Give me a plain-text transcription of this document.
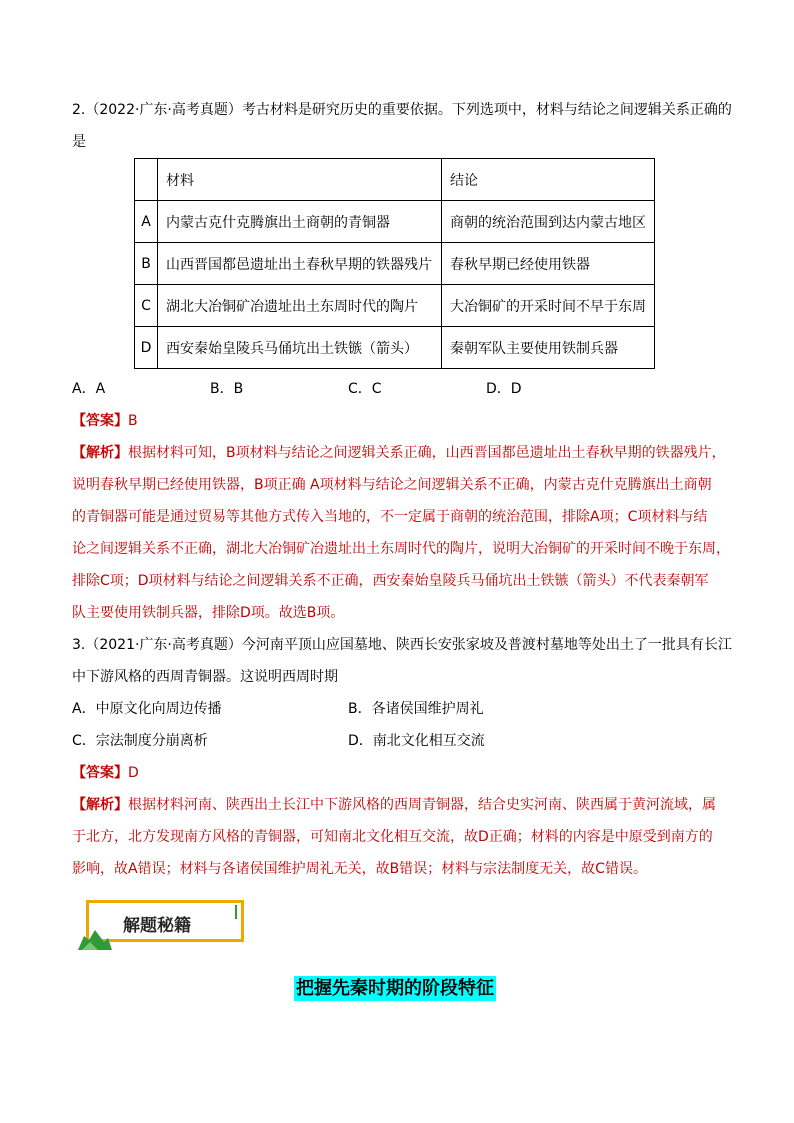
2.（2022·广东·高考真题）考古材料是研究历史的重要依据。下列选项中，材料与结论之间逻辑关系正确的
是
	材料	结论
A	内蒙古克什克腾旗出土商朝的青铜器	商朝的统治范围到达内蒙古地区
B	山西晋国都邑遗址出土春秋早期的铁器残片	春秋早期已经使用铁器
C	湖北大冶铜矿冶遗址出土东周时代的陶片	大冶铜矿的开采时间不早于东周
D	西安秦始皇陵兵马俑坑出土铁镞（箭头）	秦朝军队主要使用铁制兵器
A．A	B．B	C．C	D．D
【答案】B
【解析】根据材料可知，B项材料与结论之间逻辑关系正确，山西晋国都邑遗址出土春秋早期的铁器残片，
说明春秋早期已经使用铁器，B项正确 A项材料与结论之间逻辑关系不正确，内蒙古克什克腾旗出土商朝
的青铜器可能是通过贸易等其他方式传入当地的，不一定属于商朝的统治范围，排除A项；C项材料与结
论之间逻辑关系不正确，湖北大冶铜矿冶遗址出土东周时代的陶片，说明大冶铜矿的开采时间不晚于东周，
排除C项；D项材料与结论之间逻辑关系不正确，西安秦始皇陵兵马俑坑出土铁镞（箭头）不代表秦朝军
队主要使用铁制兵器，排除D项。故选B项。
3.（2021·广东·高考真题）今河南平顶山应国墓地、陕西长安张家坡及普渡村墓地等处出土了一批具有长江
中下游风格的西周青铜器。这说明西周时期
A．中原文化向周边传播	B．各诸侯国维护周礼
C．宗法制度分崩离析	D．南北文化相互交流
【答案】D
【解析】根据材料河南、陕西出土长江中下游风格的西周青铜器，结合史实河南、陕西属于黄河流域，属
于北方，北方发现南方风格的青铜器，可知南北文化相互交流，故D正确；材料的内容是中原受到南方的
影响，故A错误；材料与各诸侯国维护周礼无关，故B错误；材料与宗法制度无关，故C错误。
解题秘籍
把握先秦时期的阶段特征
